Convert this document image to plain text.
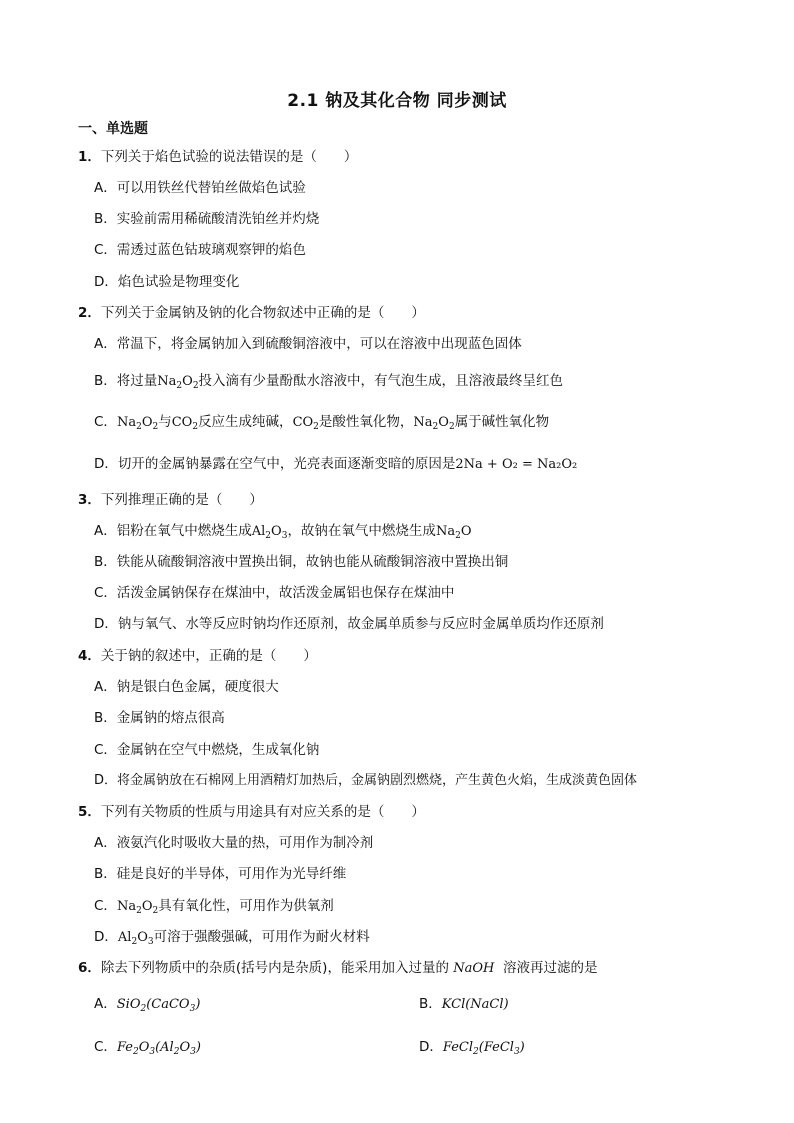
2.1 钠及其化合物 同步测试
一、单选题
1．下列关于焰色试验的说法错误的是（　　）
A．可以用铁丝代替铂丝做焰色试验
B．实验前需用稀硫酸清洗铂丝并灼烧
C．需透过蓝色钴玻璃观察钾的焰色
D．焰色试验是物理变化
2．下列关于金属钠及钠的化合物叙述中正确的是（　　）
A．常温下，将金属钠加入到硫酸铜溶液中，可以在溶液中出现蓝色固体
B．将过量$Na_2O_2$投入滴有少量酚酞水溶液中，有气泡生成，且溶液最终呈红色
C．$Na_2O_2$与$CO_2$反应生成纯碱，$CO_2$是酸性氧化物，$Na_2O_2$属于碱性氧化物
D．切开的金属钠暴露在空气中，光亮表面逐渐变暗的原因是2Na + O₂ = Na₂O₂
3．下列推理正确的是（　　）
A．铝粉在氧气中燃烧生成$Al_2O_3$，故钠在氧气中燃烧生成$Na_2O$
B．铁能从硫酸铜溶液中置换出铜，故钠也能从硫酸铜溶液中置换出铜
C．活泼金属钠保存在煤油中，故活泼金属铝也保存在煤油中
D．钠与氧气、水等反应时钠均作还原剂，故金属单质参与反应时金属单质均作还原剂
4．关于钠的叙述中，正确的是（　　）
A．钠是银白色金属，硬度很大
B．金属钠的熔点很高
C．金属钠在空气中燃烧，生成氧化钠
D．将金属钠放在石棉网上用酒精灯加热后，金属钠剧烈燃烧，产生黄色火焰，生成淡黄色固体
5．下列有关物质的性质与用途具有对应关系的是（　　）
A．液氨汽化时吸收大量的热，可用作为制冷剂
B．硅是良好的半导体，可用作为光导纤维
C．$Na_2O_2$具有氧化性，可用作为供氧剂
D．$Al_2O_3$可溶于强酸强碱，可用作为耐火材料
6．除去下列物质中的杂质(括号内是杂质)，能采用加入过量的 NaOH 溶液再过滤的是
A．SiO$_2$(CaCO$_3$)	B．KCl(NaCl)
C．$Fe_2O_3(Al_2O_3)$	D．FeCl$_2$(FeCl$_3$)
